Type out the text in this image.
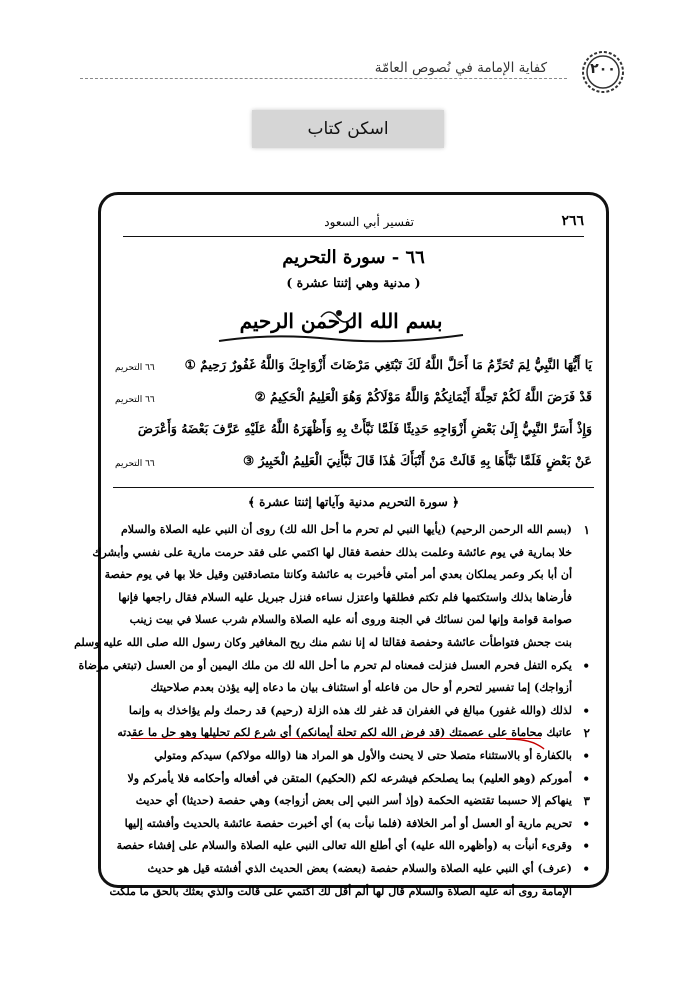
كفاية الإمامة في نُصوص العامّة	٢٠٠
اسكن كتاب
٢٦٦
تفسير أبي السعود
٦٦ - سورة التحريم
( مدنية وهي إثنتا عشرة )
بسم الله الرحمن الرحيم
يَا أَيُّهَا النَّبِيُّ لِمَ تُحَرِّمُ مَا أَحَلَّ اللَّهُ لَكَ تَبْتَغِي مَرْضَاتَ أَزْوَاجِكَ وَاللَّهُ غَفُورٌ رَحِيمٌ ①
٦٦ التحريم
قَدْ فَرَضَ اللَّهُ لَكُمْ تَحِلَّةَ أَيْمَانِكُمْ وَاللَّهُ مَوْلَاكُمْ وَهُوَ الْعَلِيمُ الْحَكِيمُ ②
٦٦ التحريم
وَإِذْ أَسَرَّ النَّبِيُّ إِلَىٰ بَعْضِ أَزْوَاجِهِ حَدِيثًا فَلَمَّا نَبَّأَتْ بِهِ وَأَظْهَرَهُ اللَّهُ عَلَيْهِ عَرَّفَ بَعْضَهُ وَأَعْرَضَ
عَنْ بَعْضٍ فَلَمَّا نَبَّأَهَا بِهِ قَالَتْ مَنْ أَنْبَأَكَ هَٰذَا قَالَ نَبَّأَنِيَ الْعَلِيمُ الْخَبِيرُ ③
٦٦ التحريم
﴿ سورة التحريم مدنية وآياتها إثنتا عشرة ﴾
١
(بسم الله الرحمن الرحيم) (يأيها النبي لم تحرم ما أحل الله لك) روى أن النبي عليه الصلاة والسلام
خلا بمارية في يوم عائشة وعلمت بذلك حفصة فقال لها اكتمي على فقد حرمت مارية على نفسي وأبشرك
أن أبا بكر وعمر يملكان بعدي أمر أمتي فأخبرت به عائشة وكانتا متصادقتين وقيل خلا بها في يوم حفصة
فأرضاها بذلك واستكتمها فلم تكتم فطلقها واعتزل نساءه فنزل جبريل عليه السلام فقال راجعها فإنها
صوامة قوامة وإنها لمن نسائك في الجنة وروى أنه عليه الصلاة والسلام شرب عسلا في بيت زينب
بنت جحش فتواطأت عائشة وحفصة فقالتا له إنا نشم منك ريح المغافير وكان رسول الله صلى الله عليه وسلم
•
يكره التفل فحرم العسل فنزلت فمعناه لم تحرم ما أحل الله لك من ملك اليمين أو من العسل (تبتغي مرضاة
أزواجك) إما تفسير لتحرم أو حال من فاعله أو استئناف بيان ما دعاه إليه يؤذن بعدم صلاحيتك
•
لذلك (والله غفور) مبالغ في الغفران قد غفر لك هذه الزلة (رحيم) قد رحمك ولم يؤاخذك به وإنما
٢
عاتبك محاماة على عصمتك (قد فرض الله لكم تحلة أيمانكم) أي شرع لكم تحليلها وهو حل ما عقدته
•
بالكفارة أو بالاستثناء متصلا حتى لا يحنث والأول هو المراد هنا (والله مولاكم) سيدكم ومتولي
•
أموركم (وهو العليم) بما يصلحكم فيشرعه لكم (الحكيم) المتقن في أفعاله وأحكامه فلا يأمركم ولا
٣
ينهاكم إلا حسبما تقتضيه الحكمة (وإذ أسر النبي إلى بعض أزواجه) وهي حفصة (حديثا) أي حديث
•
تحريم مارية أو العسل أو أمر الخلافة (فلما نبأت به) أي أخبرت حفصة عائشة بالحديث وأفشته إليها
•
وقرىء أنبأت به (وأظهره الله عليه) أي أطلع الله تعالى النبي عليه الصلاة والسلام على إفشاء حفصة
•
(عرف) أي النبي عليه الصلاة والسلام حفصة (بعضه) بعض الحديث الذي أفشته قيل هو حديث
الإمامة روى أنه عليه الصلاة والسلام قال لها ألم أقل لك اكتمي على قالت والذي بعثك بالحق ما ملكت
